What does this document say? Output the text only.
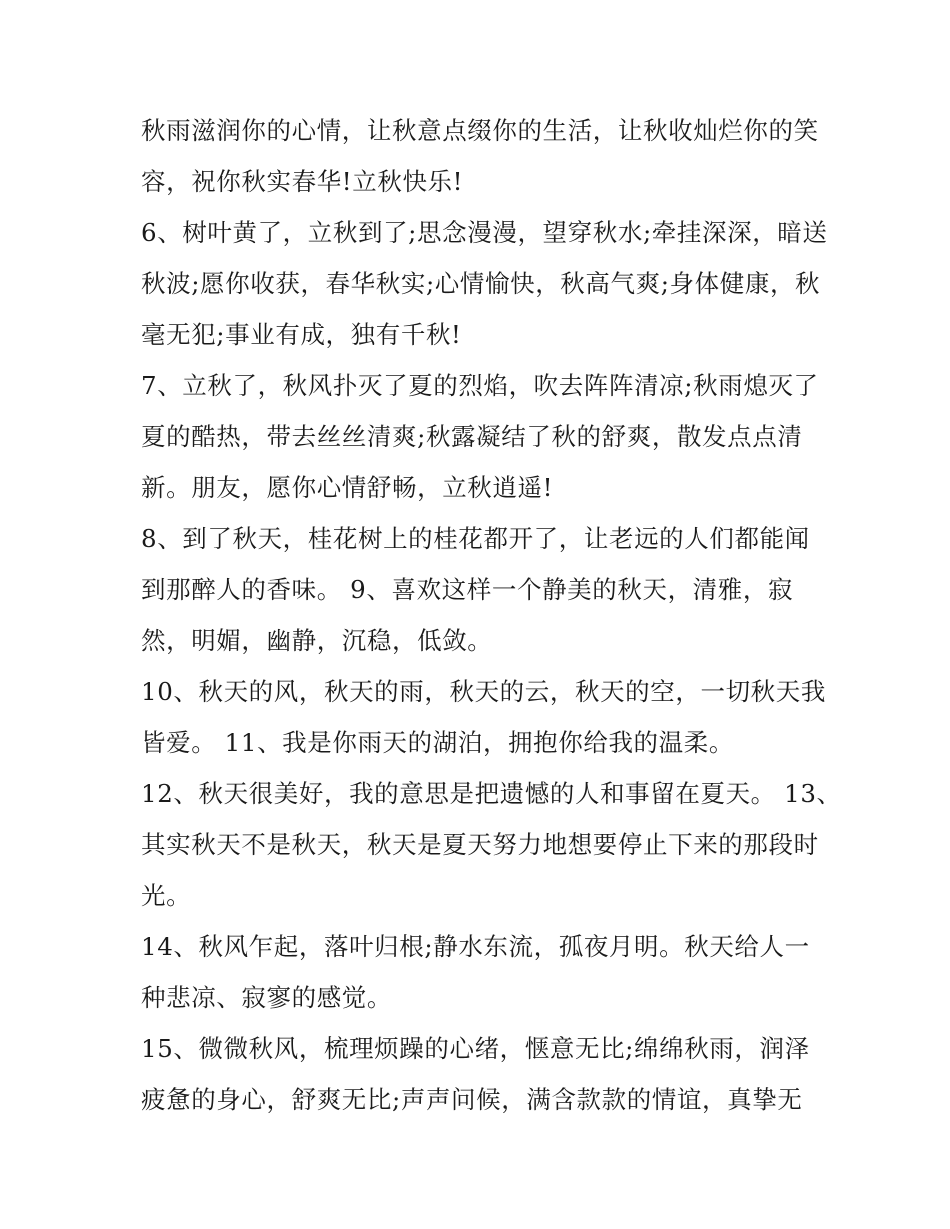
秋雨滋润你的心情，让秋意点缀你的生活，让秋收灿烂你的笑
容，祝你秋实春华!立秋快乐!

6、树叶黄了，立秋到了;思念漫漫，望穿秋水;牵挂深深，暗送
秋波;愿你收获，春华秋实;心情愉快，秋高气爽;身体健康，秋
毫无犯;事业有成，独有千秋!

7、立秋了，秋风扑灭了夏的烈焰，吹去阵阵清凉;秋雨熄灭了
夏的酷热，带去丝丝清爽;秋露凝结了秋的舒爽，散发点点清
新。朋友，愿你心情舒畅，立秋逍遥!

8、到了秋天，桂花树上的桂花都开了，让老远的人们都能闻
到那醉人的香味。 9、喜欢这样一个静美的秋天，清雅，寂
然，明媚，幽静，沉稳，低敛。

10、秋天的风，秋天的雨，秋天的云，秋天的空，一切秋天我
皆爱。 11、我是你雨天的湖泊，拥抱你给我的温柔。

12、秋天很美好，我的意思是把遗憾的人和事留在夏天。 13、
其实秋天不是秋天，秋天是夏天努力地想要停止下来的那段时
光。

14、秋风乍起，落叶归根;静水东流，孤夜月明。秋天给人一
种悲凉、寂寥的感觉。

15、微微秋风，梳理烦躁的心绪，惬意无比;绵绵秋雨，润泽
疲惫的身心，舒爽无比;声声问候，满含款款的情谊，真挚无
